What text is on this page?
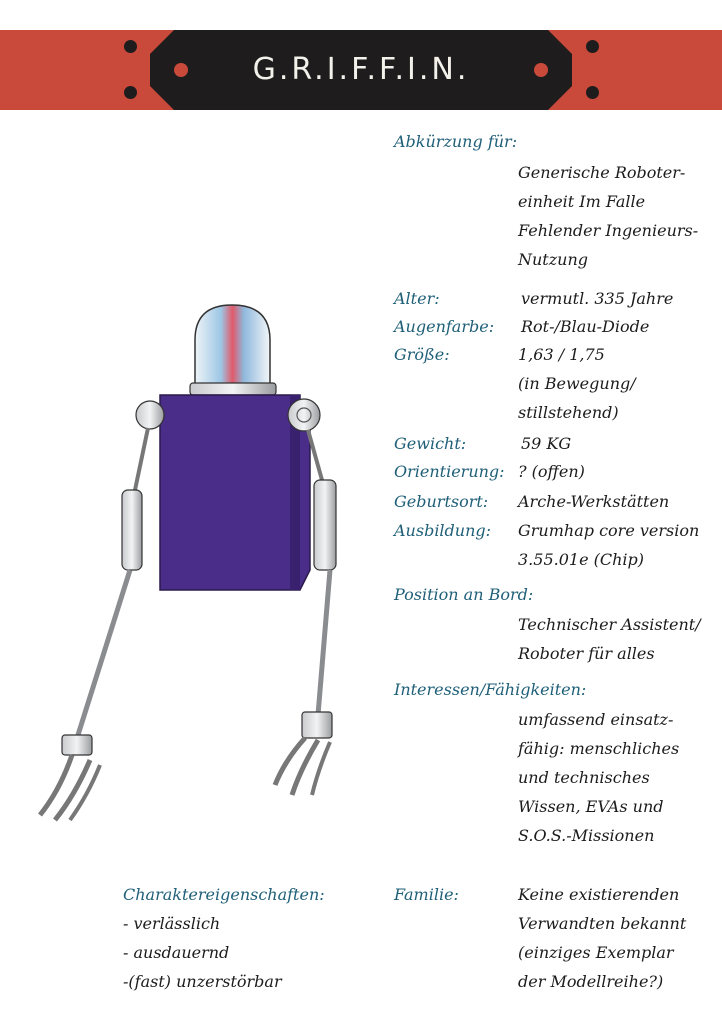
G.R.I.F.F.I.N.
Abkürzung für:
Generische Roboter-
einheit Im Falle
Fehlender Ingenieurs-
Nutzung
Alter:	vermutl. 335 Jahre
Augenfarbe: Rot-/Blau-Diode
Größe:	1,63 / 1,75
(in Bewegung/
stillstehend)
Gewicht:	59 KG
Orientierung: ? (offen)
Geburtsort: Arche-Werkstätten
Ausbildung: Grumhap core version
3.55.01e (Chip)
Position an Bord:
Technischer Assistent/
Roboter für alles
Interessen/Fähigkeiten:
umfassend einsatz-
fähig: menschliches
und technisches
Wissen, EVAs und
S.O.S.-Missionen
Familie:	Keine existierenden
Verwandten bekannt
(einziges Exemplar
der Modellreihe?)
Charaktereigenschaften:
- verlässlich
- ausdauernd
-(fast) unzerstörbar
